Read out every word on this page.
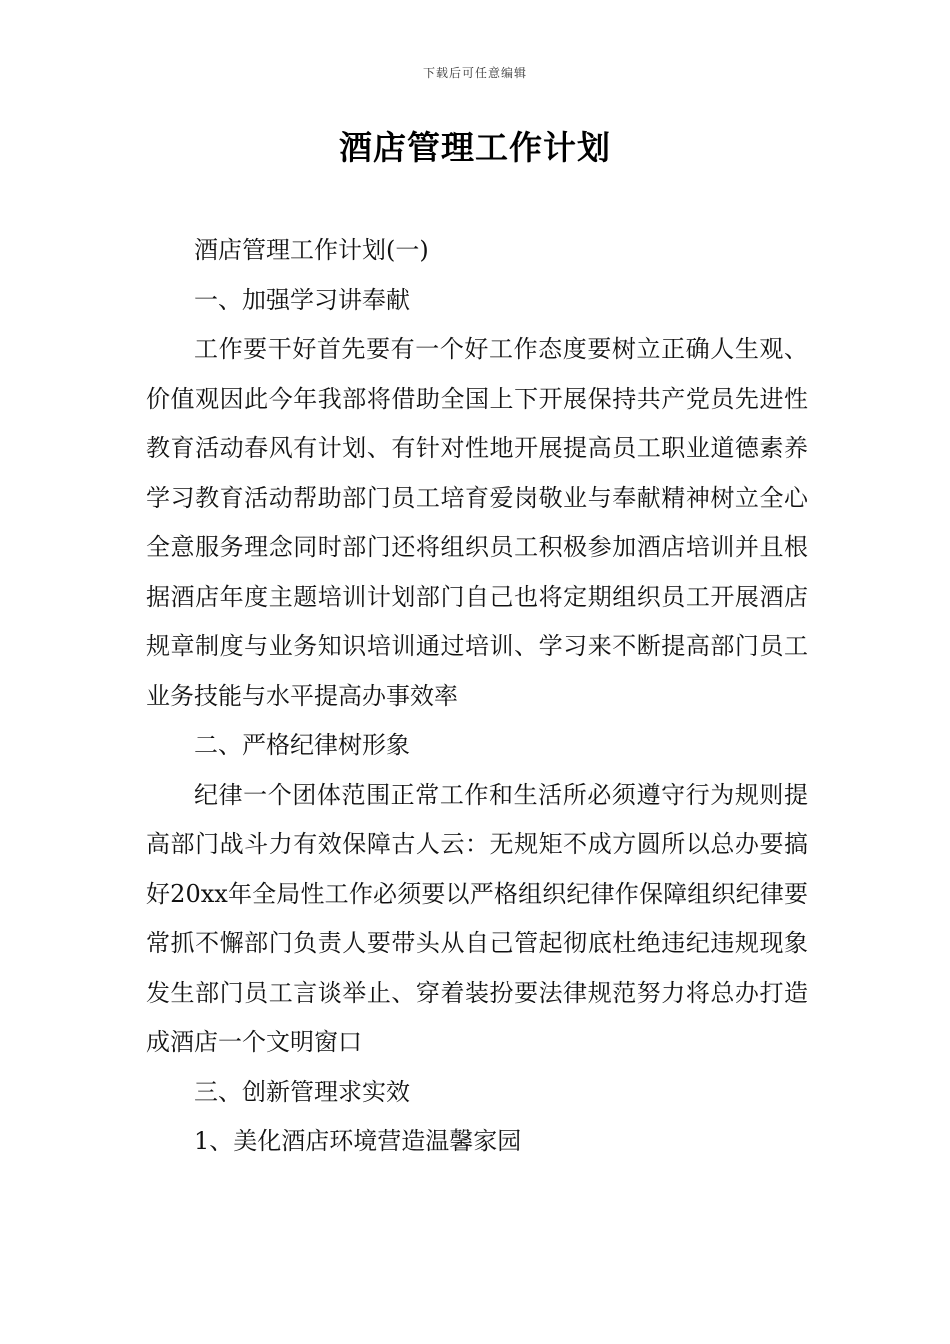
下载后可任意编辑
酒店管理工作计划

酒店管理工作计划(一)

一、加强学习讲奉献

工作要干好首先要有一个好工作态度要树立正确人生观、价值观因此今年我部将借助全国上下开展保持共产党员先进性教育活动春风有计划、有针对性地开展提高员工职业道德素养学习教育活动帮助部门员工培育爱岗敬业与奉献精神树立全心全意服务理念同时部门还将组织员工积极参加酒店培训并且根据酒店年度主题培训计划部门自己也将定期组织员工开展酒店规章制度与业务知识培训通过培训、学习来不断提高部门员工业务技能与水平提高办事效率

二、严格纪律树形象

纪律一个团体范围正常工作和生活所必须遵守行为规则提高部门战斗力有效保障古人云：无规矩不成方圆所以总办要搞好20xx年全局性工作必须要以严格组织纪律作保障组织纪律要常抓不懈部门负责人要带头从自己管起彻底杜绝违纪违规现象发生部门员工言谈举止、穿着装扮要法律规范努力将总办打造成酒店一个文明窗口

三、创新管理求实效

1、美化酒店环境营造温馨家园
